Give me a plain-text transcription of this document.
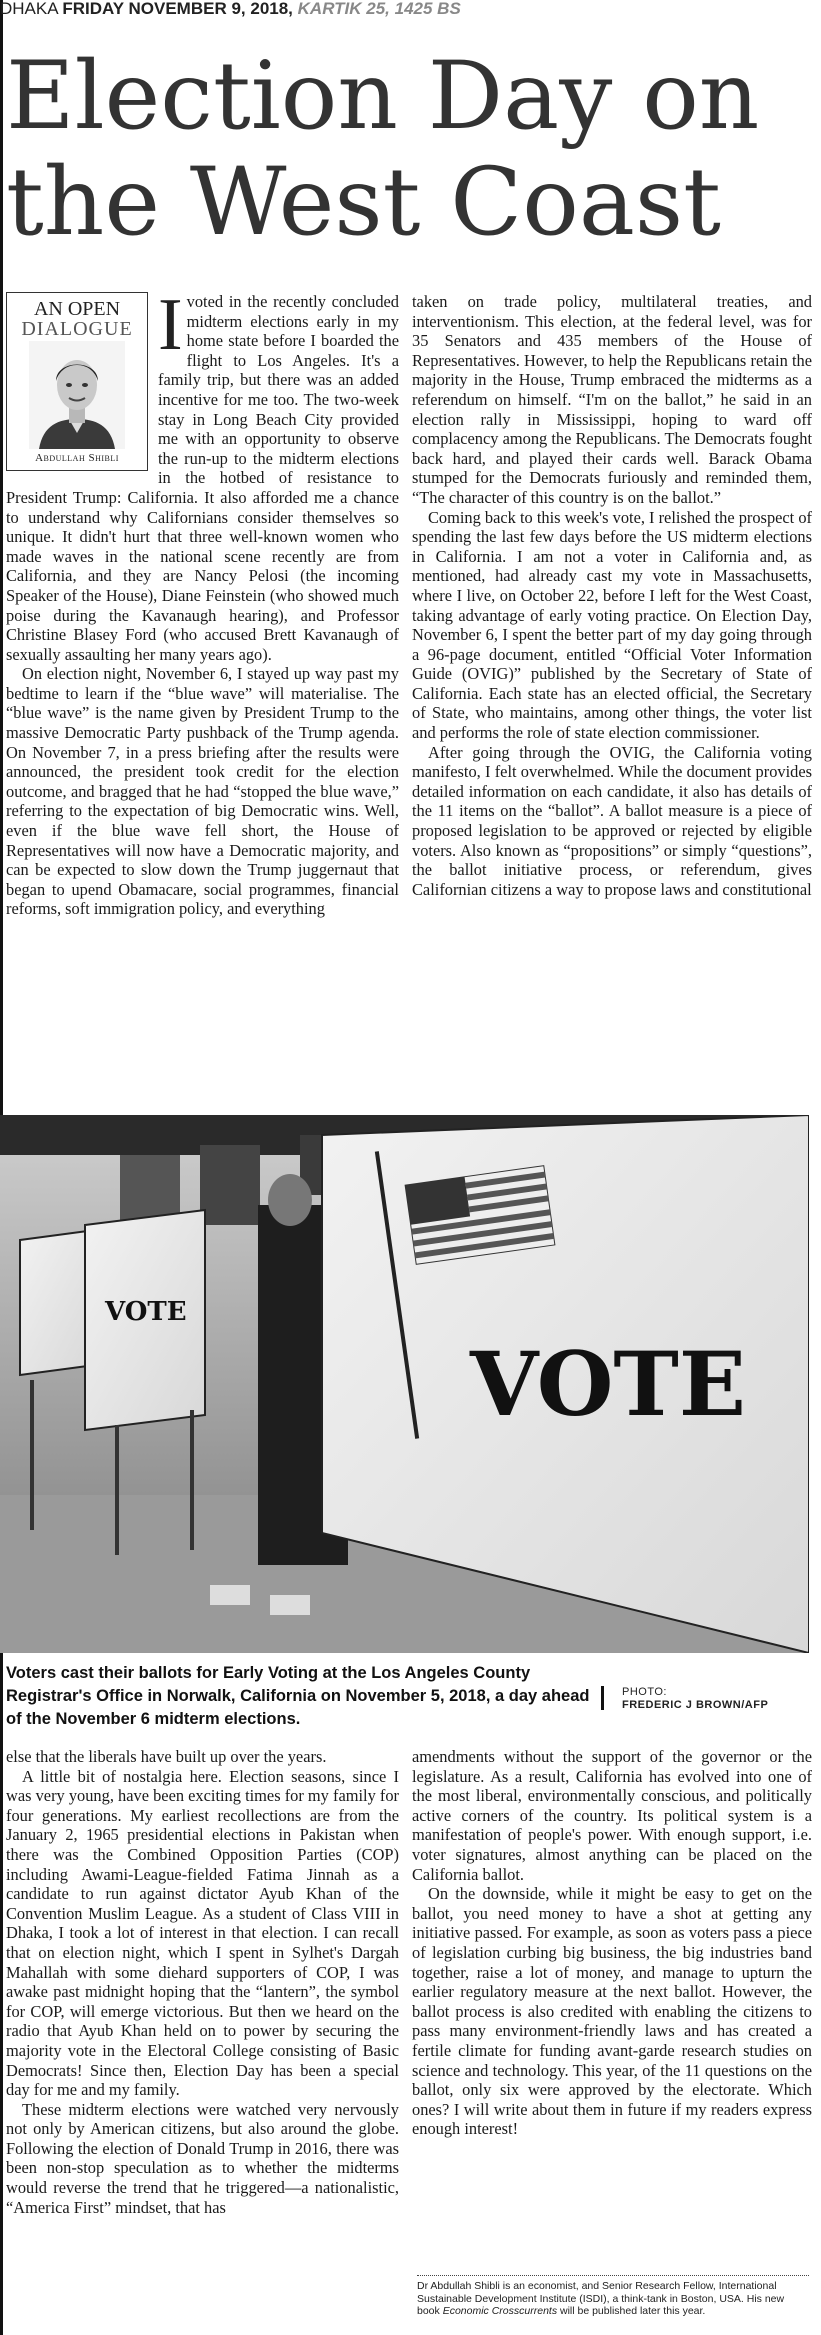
DHAKA FRIDAY NOVEMBER 9, 2018, KARTIK 25, 1425 BS
Election Day on the West Coast
AN OPEN
DIALOGUE
Abdullah Shibli
I voted in the recently concluded midterm elections early in my home state before I boarded the flight to Los Angeles. It's a family trip, but there was an added incentive for me too. The two-week stay in Long Beach City provided me with an opportunity to observe the run-up to the midterm elections in the hotbed of resistance to President Trump: California. It also afforded me a chance to understand why Californians consider themselves so unique. It didn't hurt that three well-known women who made waves in the national scene recently are from California, and they are Nancy Pelosi (the incoming Speaker of the House), Diane Feinstein (who showed much poise during the Kavanaugh hearing), and Professor Christine Blasey Ford (who accused Brett Kavanaugh of sexually assaulting her many years ago).

On election night, November 6, I stayed up way past my bedtime to learn if the “blue wave” will materialise. The “blue wave” is the name given by President Trump to the massive Democratic Party pushback of the Trump agenda. On November 7, in a press briefing after the results were announced, the president took credit for the election outcome, and bragged that he had “stopped the blue wave,” referring to the expectation of big Democratic wins. Well, even if the blue wave fell short, the House of Representatives will now have a Democratic majority, and can be expected to slow down the Trump juggernaut that began to upend Obamacare, social programmes, financial reforms, soft immigration policy, and everything

taken on trade policy, multilateral treaties, and interventionism. This election, at the federal level, was for 35 Senators and 435 members of the House of Representatives. However, to help the Republicans retain the majority in the House, Trump embraced the midterms as a referendum on himself. “I'm on the ballot,” he said in an election rally in Mississippi, hoping to ward off complacency among the Republicans. The Democrats fought back hard, and played their cards well. Barack Obama stumped for the Democrats furiously and reminded them, “The character of this country is on the ballot.”

Coming back to this week's vote, I relished the prospect of spending the last few days before the US midterm elections in California. I am not a voter in California and, as mentioned, had already cast my vote in Massachusetts, where I live, on October 22, before I left for the West Coast, taking advantage of early voting practice. On Election Day, November 6, I spent the better part of my day going through a 96-page document, entitled “Official Voter Information Guide (OVIG)” published by the Secretary of State of California. Each state has an elected official, the Secretary of State, who maintains, among other things, the voter list and performs the role of state election commissioner.

After going through the OVIG, the California voting manifesto, I felt overwhelmed. While the document provides detailed information on each candidate, it also has details of the 11 items on the “ballot”. A ballot measure is a piece of proposed legislation to be approved or rejected by eligible voters. Also known as “propositions” or simply “questions”, the ballot initiative process, or referendum, gives Californian citizens a way to propose laws and constitutional

VOTE
VOTE
Voters cast their ballots for Early Voting at the Los Angeles County Registrar's Office in Norwalk, California on November 5, 2018, a day ahead of the November 6 midterm elections.
PHOTO:
FREDERIC J BROWN/AFP

else that the liberals have built up over the years.

A little bit of nostalgia here. Election seasons, since I was very young, have been exciting times for my family for four generations. My earliest recollections are from the January 2, 1965 presidential elections in Pakistan when there was the Combined Opposition Parties (COP) including Awami-League-fielded Fatima Jinnah as a candidate to run against dictator Ayub Khan of the Convention Muslim League. As a student of Class VIII in Dhaka, I took a lot of interest in that election. I can recall that on election night, which I spent in Sylhet's Dargah Mahallah with some diehard supporters of COP, I was awake past midnight hoping that the “lantern”, the symbol for COP, will emerge victorious. But then we heard on the radio that Ayub Khan held on to power by securing the majority vote in the Electoral College consisting of Basic Democrats! Since then, Election Day has been a special day for me and my family.

These midterm elections were watched very nervously not only by American citizens, but also around the globe. Following the election of Donald Trump in 2016, there was been non-stop speculation as to whether the midterms would reverse the trend that he triggered—a nationalistic, “America First” mindset, that has

amendments without the support of the governor or the legislature. As a result, California has evolved into one of the most liberal, environmentally conscious, and politically active corners of the country. Its political system is a manifestation of people's power. With enough support, i.e. voter signatures, almost anything can be placed on the California ballot.

On the downside, while it might be easy to get on the ballot, you need money to have a shot at getting any initiative passed. For example, as soon as voters pass a piece of legislation curbing big business, the big industries band together, raise a lot of money, and manage to upturn the earlier regulatory measure at the next ballot. However, the ballot process is also credited with enabling the citizens to pass many environment-friendly laws and has created a fertile climate for funding avant-garde research studies on science and technology. This year, of the 11 questions on the ballot, only six were approved by the electorate. Which ones? I will write about them in future if my readers express enough interest!

Dr Abdullah Shibli is an economist, and Senior Research Fellow, International Sustainable Development Institute (ISDI), a think-tank in Boston, USA. His new book Economic Crosscurrents will be published later this year.
